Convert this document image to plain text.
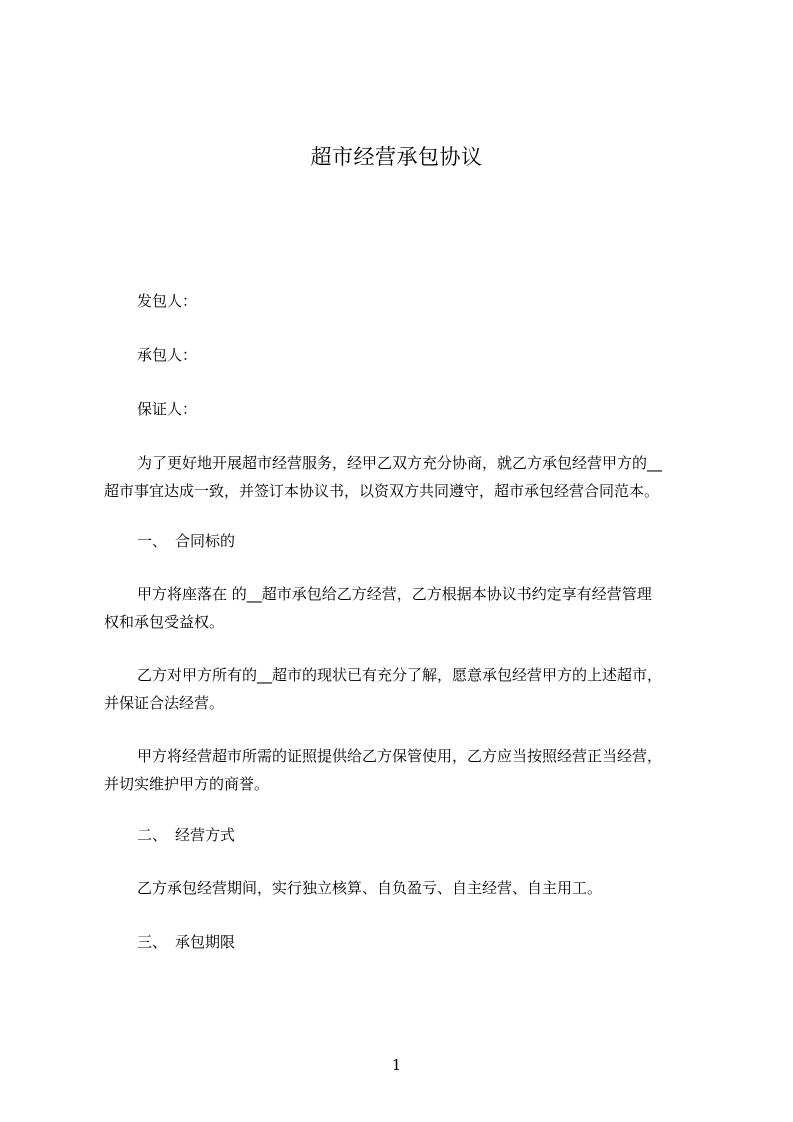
超市经营承包协议
发包人：
承包人：
保证人：
为了更好地开展超市经营服务，经甲乙双方充分协商，就乙方承包经营甲方的__
超市事宜达成一致，并签订本协议书，以资双方共同遵守，超市承包经营合同范本。
一、 合同标的
甲方将座落在 的__超市承包给乙方经营，乙方根据本协议书约定享有经营管理
权和承包受益权。
乙方对甲方所有的__超市的现状已有充分了解，愿意承包经营甲方的上述超市，
并保证合法经营。
甲方将经营超市所需的证照提供给乙方保管使用，乙方应当按照经营正当经营，
并切实维护甲方的商誉。
二、 经营方式
乙方承包经营期间，实行独立核算、自负盈亏、自主经营、自主用工。
三、 承包期限
1
